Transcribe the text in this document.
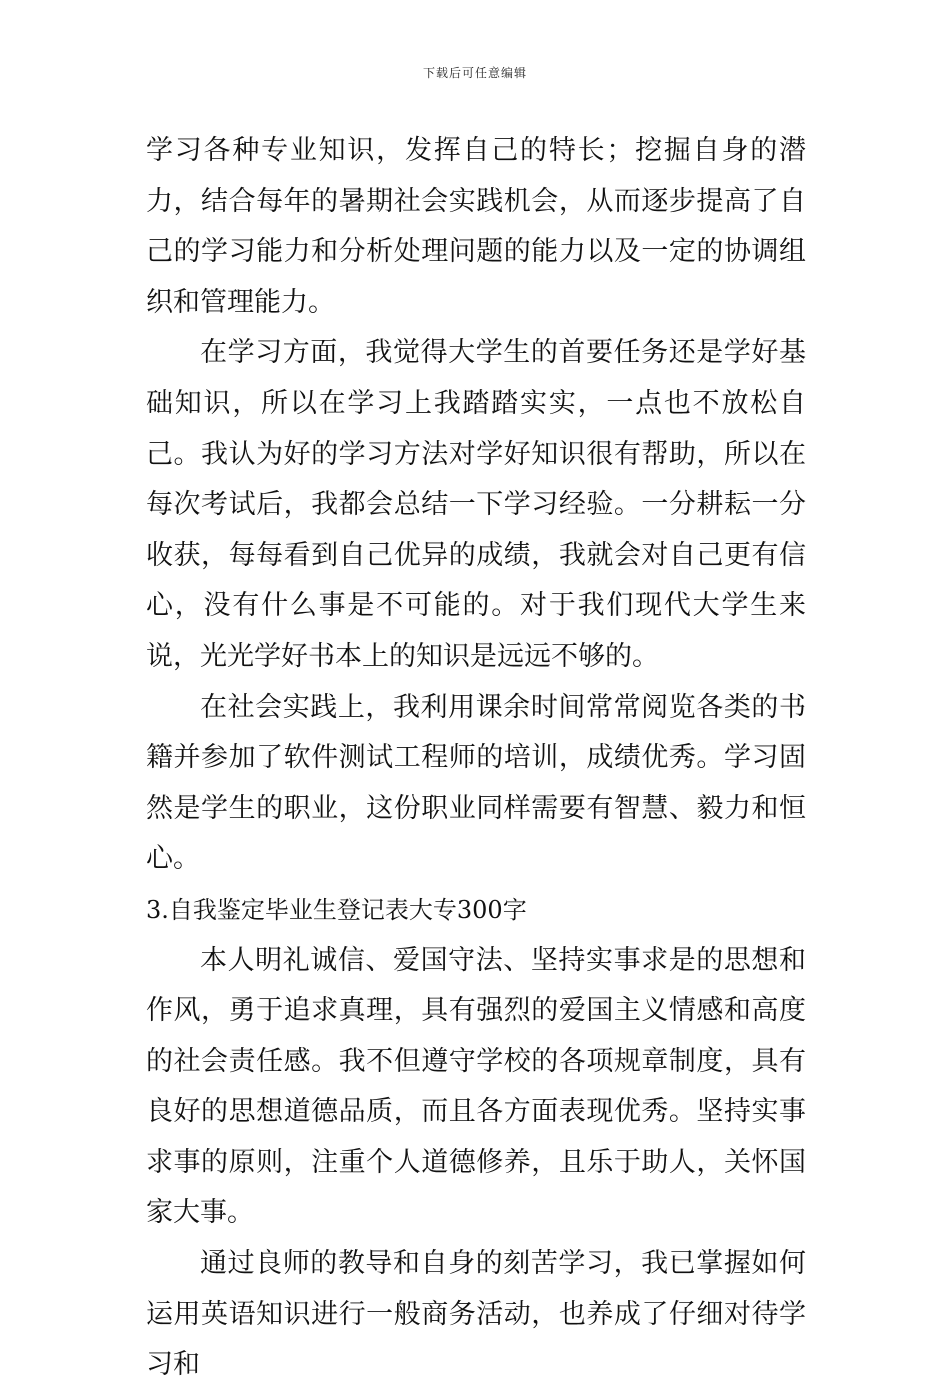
下载后可任意编辑

学习各种专业知识，发挥自己的特长；挖掘自身的潜力，结合每年的暑期社会实践机会，从而逐步提高了自己的学习能力和分析处理问题的能力以及一定的协调组织和管理能力。

在学习方面，我觉得大学生的首要任务还是学好基础知识，所以在学习上我踏踏实实，一点也不放松自己。我认为好的学习方法对学好知识很有帮助，所以在每次考试后，我都会总结一下学习经验。一分耕耘一分收获，每每看到自己优异的成绩，我就会对自己更有信心，没有什么事是不可能的。对于我们现代大学生来说，光光学好书本上的知识是远远不够的。

在社会实践上，我利用课余时间常常阅览各类的书籍并参加了软件测试工程师的培训，成绩优秀。学习固然是学生的职业，这份职业同样需要有智慧、毅力和恒心。

3.自我鉴定毕业生登记表大专300字

本人明礼诚信、爱国守法、坚持实事求是的思想和作风，勇于追求真理，具有强烈的爱国主义情感和高度的社会责任感。我不但遵守学校的各项规章制度，具有良好的思想道德品质，而且各方面表现优秀。坚持实事求事的原则，注重个人道德修养，且乐于助人，关怀国家大事。

通过良师的教导和自身的刻苦学习，我已掌握如何运用英语知识进行一般商务活动，也养成了仔细对待学习和
